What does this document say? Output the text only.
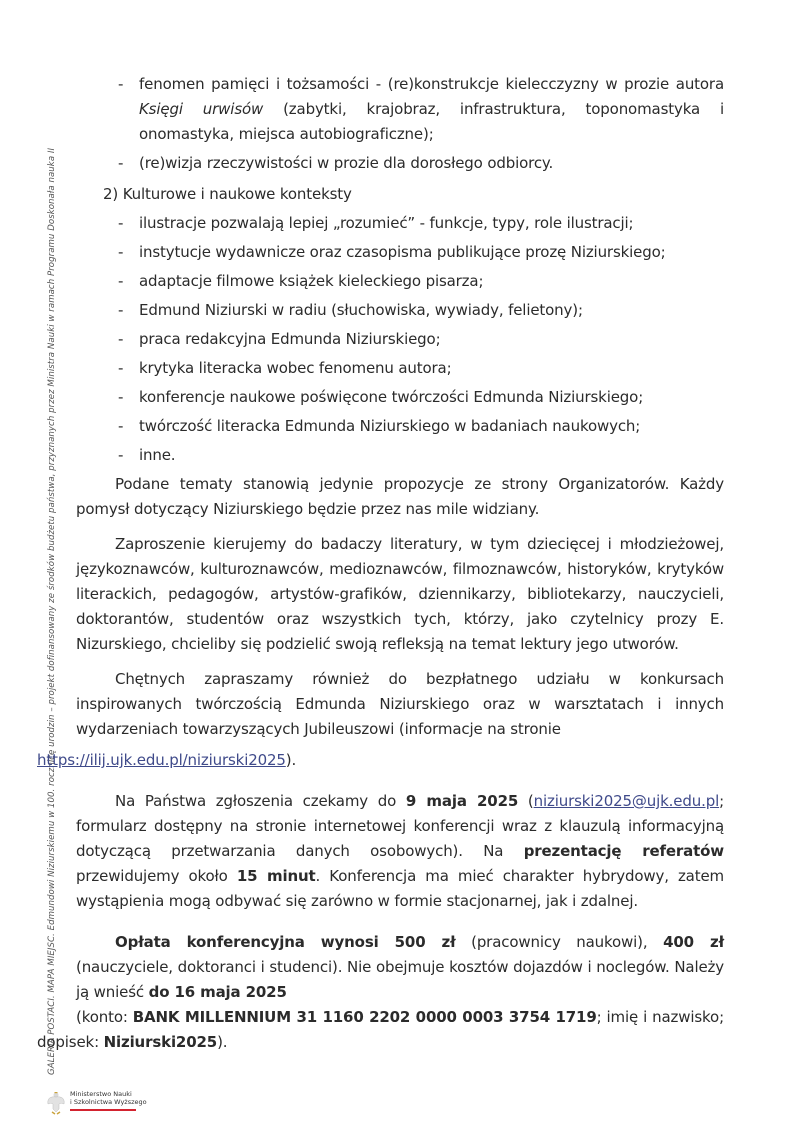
GALERIA POSTACI. MAPA MIEJSC. Edmundowi Niziurskiemu w 100. rocznicę urodzin – projekt dofinansowany ze środków budżetu państwa, przyznanych przez Ministra Nauki w ramach Programu Doskonała nauka II
- fenomen pamięci i tożsamości - (re)konstrukcje kielecczyzny w prozie autora Księgi urwisów (zabytki, krajobraz, infrastruktura, toponomastyka i onomastyka, miejsca autobiograficzne);
- (re)wizja rzeczywistości w prozie dla dorosłego odbiorcy.
2) Kulturowe i naukowe konteksty
- ilustracje pozwalają lepiej „rozumieć” - funkcje, typy, role ilustracji;
- instytucje wydawnicze oraz czasopisma publikujące prozę Niziurskiego;
- adaptacje filmowe książek kieleckiego pisarza;
- Edmund Niziurski w radiu (słuchowiska, wywiady, felietony);
- praca redakcyjna Edmunda Niziurskiego;
- krytyka literacka wobec fenomenu autora;
- konferencje naukowe poświęcone twórczości Edmunda Niziurskiego;
- twórczość literacka Edmunda Niziurskiego w badaniach naukowych;
- inne.

Podane tematy stanowią jedynie propozycje ze strony Organizatorów. Każdy pomysł dotyczący Niziurskiego będzie przez nas mile widziany.

Zaproszenie kierujemy do badaczy literatury, w tym dziecięcej i młodzieżowej, językoznawców, kulturoznawców, medioznawców, filmoznawców, historyków, krytyków literackich, pedagogów, artystów-grafików, dziennikarzy, bibliotekarzy, nauczycieli, doktorantów, studentów oraz wszystkich tych, którzy, jako czytelnicy prozy E. Nizurskiego, chcieliby się podzielić swoją refleksją na temat lektury jego utworów.

Chętnych zapraszamy również do bezpłatnego udziału w konkursach inspirowanych twórczością Edmunda Niziurskiego oraz w warsztatach i innych wydarzeniach towarzyszących Jubileuszowi (informacje na stronie
https://ilij.ujk.edu.pl/niziurski2025).

Na Państwa zgłoszenia czekamy do 9 maja 2025 (niziurski2025@ujk.edu.pl; formularz dostępny na stronie internetowej konferencji wraz z klauzulą informacyjną dotyczącą przetwarzania danych osobowych). Na prezentację referatów przewidujemy około 15 minut. Konferencja ma mieć charakter hybrydowy, zatem wystąpienia mogą odbywać się zarówno w formie stacjonarnej, jak i zdalnej.

Opłata konferencyjna wynosi 500 zł (pracownicy naukowi), 400 zł (nauczyciele, doktoranci i studenci). Nie obejmuje kosztów dojazdów i noclegów. Należy ją wnieść do 16 maja 2025
(konto: BANK MILLENNIUM 31 1160 2202 0000 0003 3754 1719; imię i nazwisko; dopisek: Niziurski2025).

Ministerstwo Nauki
i Szkolnictwa Wyższego
